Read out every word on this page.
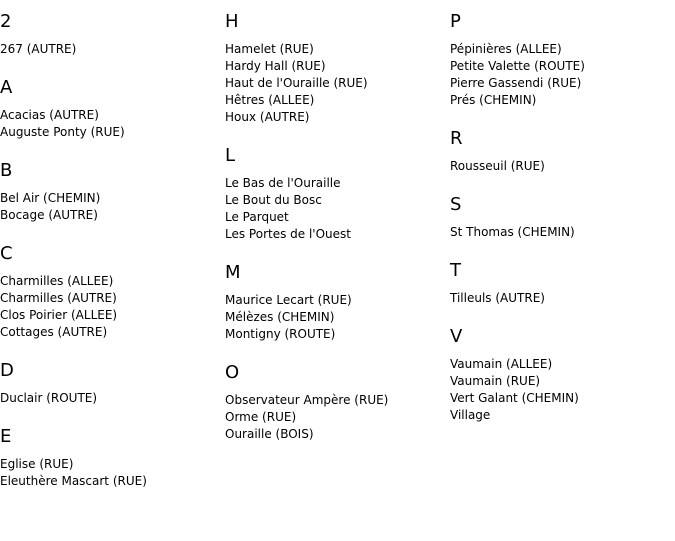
2
267 (AUTRE)
A
Acacias (AUTRE)
Auguste Ponty (RUE)
B
Bel Air (CHEMIN)
Bocage (AUTRE)
C
Charmilles (ALLEE)
Charmilles (AUTRE)
Clos Poirier (ALLEE)
Cottages (AUTRE)
D
Duclair (ROUTE)
E
Eglise (RUE)
Eleuthère Mascart (RUE)
H
Hamelet (RUE)
Hardy Hall (RUE)
Haut de l'Ouraille (RUE)
Hêtres (ALLEE)
Houx (AUTRE)
L
Le Bas de l'Ouraille
Le Bout du Bosc
Le Parquet
Les Portes de l'Ouest
M
Maurice Lecart (RUE)
Mélèzes (CHEMIN)
Montigny (ROUTE)
O
Observateur Ampère (RUE)
Orme (RUE)
Ouraille (BOIS)
P
Pépinières (ALLEE)
Petite Valette (ROUTE)
Pierre Gassendi (RUE)
Prés (CHEMIN)
R
Rousseuil (RUE)
S
St Thomas (CHEMIN)
T
Tilleuls (AUTRE)
V
Vaumain (ALLEE)
Vaumain (RUE)
Vert Galant (CHEMIN)
Village
